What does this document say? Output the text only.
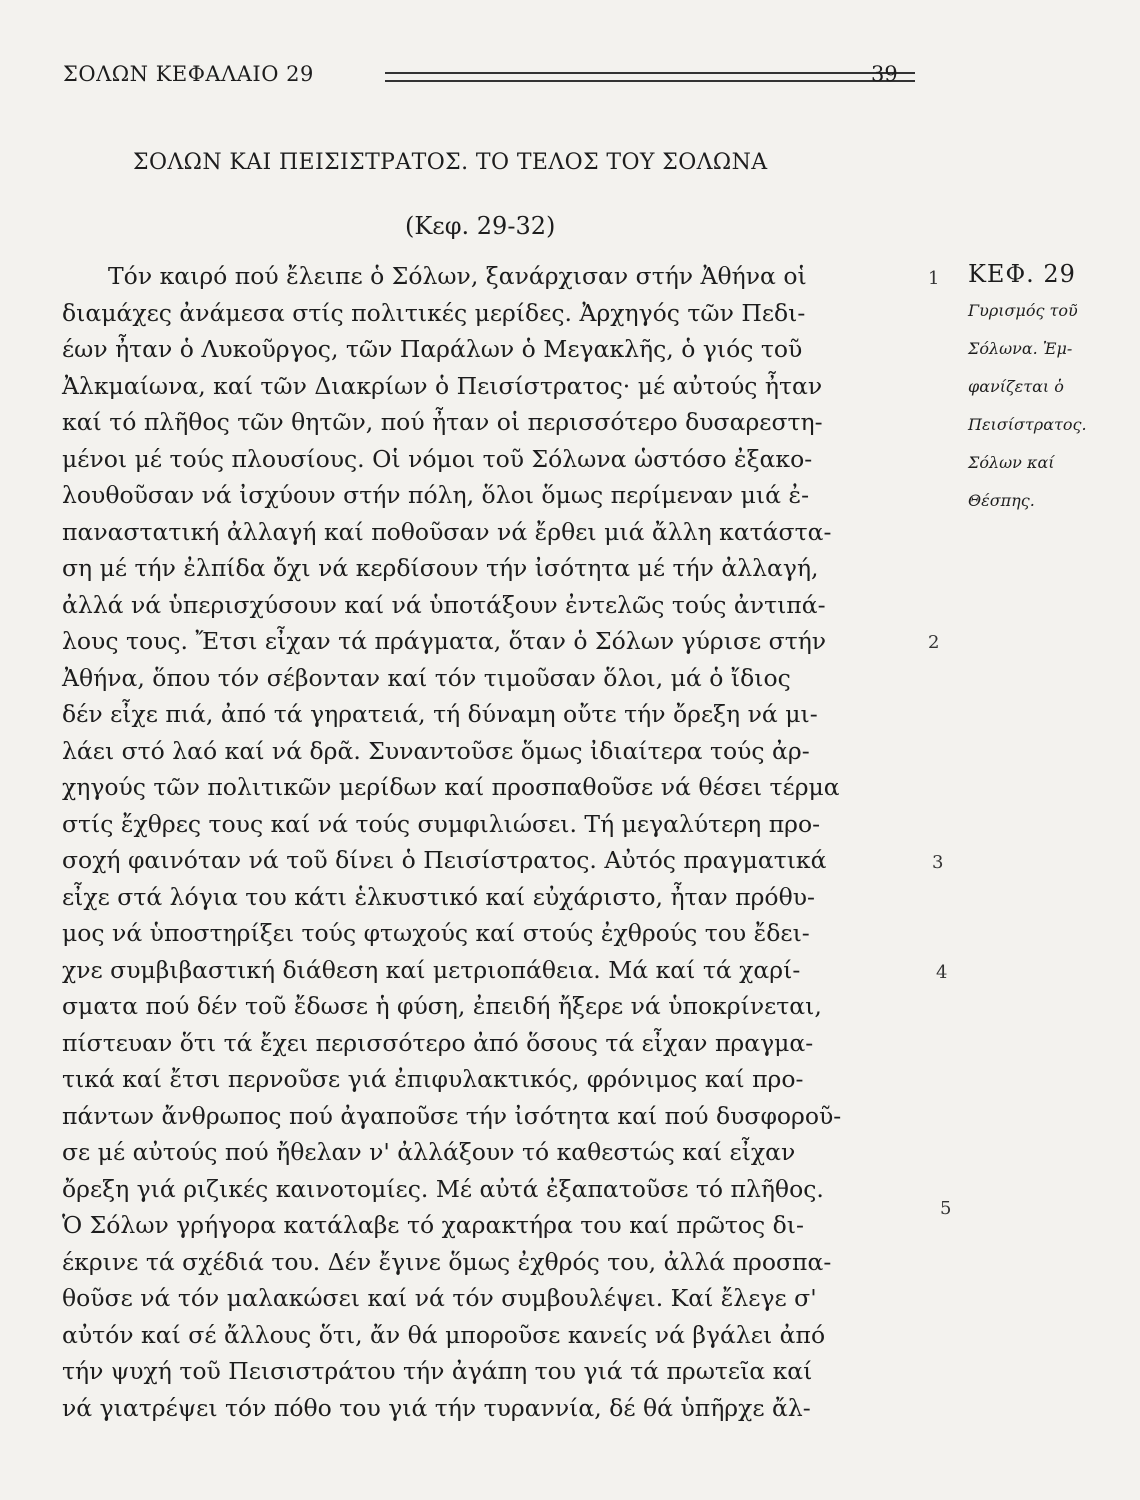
ΣΟΛΩΝ ΚΕΦΑΛΑΙΟ 29	39
ΣΟΛΩΝ ΚΑΙ ΠΕΙΣΙΣΤΡΑΤΟΣ. ΤΟ ΤΕΛΟΣ ΤΟΥ ΣΟΛΩΝΑ
(Κεφ. 29-32)
Τόν καιρό πού ἔλειπε ὁ Σόλων, ξανάρχισαν στήν Ἀθήνα οἱ
διαμάχες ἀνάμεσα στίς πολιτικές μερίδες. Ἀρχηγός τῶν Πεδι-
έων ἦταν ὁ Λυκοῦργος, τῶν Παράλων ὁ Μεγακλῆς, ὁ γιός τοῦ
Ἀλκμαίωνα, καί τῶν Διακρίων ὁ Πεισίστρατος· μέ αὐτούς ἦταν
καί τό πλῆθος τῶν θητῶν, πού ἦταν οἱ περισσότερο δυσαρεστη-
μένοι μέ τούς πλουσίους. Οἱ νόμοι τοῦ Σόλωνα ὡστόσο ἐξακο-
λουθοῦσαν νά ἰσχύουν στήν πόλη, ὅλοι ὅμως περίμεναν μιά ἐ-
παναστατική ἀλλαγή καί ποθοῦσαν νά ἔρθει μιά ἄλλη κατάστα-
ση μέ τήν ἐλπίδα ὄχι νά κερδίσουν τήν ἰσότητα μέ τήν ἀλλαγή,
ἀλλά νά ὑπερισχύσουν καί νά ὑποτάξουν ἐντελῶς τούς ἀντιπά-
λους τους. Ἔτσι εἶχαν τά πράγματα, ὅταν ὁ Σόλων γύρισε στήν
Ἀθήνα, ὅπου τόν σέβονταν καί τόν τιμοῦσαν ὅλοι, μά ὁ ἴδιος
δέν εἶχε πιά, ἀπό τά γηρατειά, τή δύναμη οὔτε τήν ὄρεξη νά μι-
λάει στό λαό καί νά δρᾶ. Συναντοῦσε ὅμως ἰδιαίτερα τούς ἀρ-
χηγούς τῶν πολιτικῶν μερίδων καί προσπαθοῦσε νά θέσει τέρμα
στίς ἔχθρες τους καί νά τούς συμφιλιώσει. Τή μεγαλύτερη προ-
σοχή φαινόταν νά τοῦ δίνει ὁ Πεισίστρατος. Αὐτός πραγματικά
εἶχε στά λόγια του κάτι ἑλκυστικό καί εὐχάριστο, ἦταν πρόθυ-
μος νά ὑποστηρίξει τούς φτωχούς καί στούς ἐχθρούς του ἔδει-
χνε συμβιβαστική διάθεση καί μετριοπάθεια. Μά καί τά χαρί-
σματα πού δέν τοῦ ἔδωσε ἡ φύση, ἐπειδή ἤξερε νά ὑποκρίνεται,
πίστευαν ὅτι τά ἔχει περισσότερο ἀπό ὅσους τά εἶχαν πραγμα-
τικά καί ἔτσι περνοῦσε γιά ἐπιφυλακτικός, φρόνιμος καί προ-
πάντων ἄνθρωπος πού ἀγαποῦσε τήν ἰσότητα καί πού δυσφοροῦ-
σε μέ αὐτούς πού ἤθελαν ν' ἀλλάξουν τό καθεστώς καί εἶχαν
ὄρεξη γιά ριζικές καινοτομίες. Μέ αὐτά ἐξαπατοῦσε τό πλῆθος.
Ὁ Σόλων γρήγορα κατάλαβε τό χαρακτήρα του καί πρῶτος δι-
έκρινε τά σχέδιά του. Δέν ἔγινε ὅμως ἐχθρός του, ἀλλά προσπα-
θοῦσε νά τόν μαλακώσει καί νά τόν συμβουλέψει. Καί ἔλεγε σ'
αὐτόν καί σέ ἄλλους ὅτι, ἄν θά μποροῦσε κανείς νά βγάλει ἀπό
τήν ψυχή τοῦ Πεισιστράτου τήν ἀγάπη του γιά τά πρωτεῖα καί
νά γιατρέψει τόν πόθο του γιά τήν τυραννία, δέ θά ὑπῆρχε ἄλ-
1
2
3
4
5
ΚΕΦ. 29
Γυρισμός τοῦ
Σόλωνα. Ἐμ-
φανίζεται ὁ
Πεισίστρατος.
Σόλων καί
Θέσπης.
